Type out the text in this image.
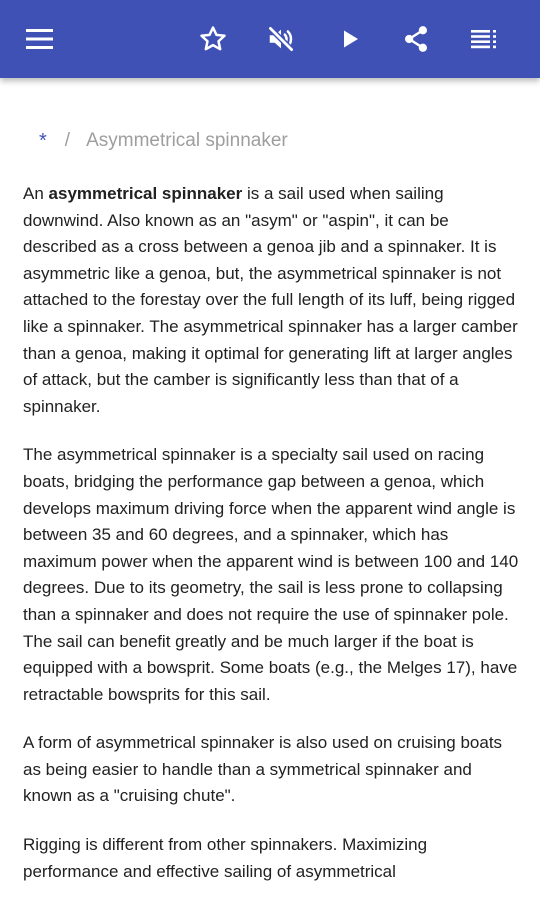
* / Asymmetrical spinnaker

An asymmetrical spinnaker is a sail used when sailing downwind. Also known as an "asym" or "aspin", it can be described as a cross between a genoa jib and a spinnaker. It is asymmetric like a genoa, but, the asymmetrical spinnaker is not attached to the forestay over the full length of its luff, being rigged like a spinnaker. The asymmetrical spinnaker has a larger camber than a genoa, making it optimal for generating lift at larger angles of attack, but the camber is significantly less than that of a spinnaker.

The asymmetrical spinnaker is a specialty sail used on racing boats, bridging the performance gap between a genoa, which develops maximum driving force when the apparent wind angle is between 35 and 60 degrees, and a spinnaker, which has maximum power when the apparent wind is between 100 and 140 degrees. Due to its geometry, the sail is less prone to collapsing than a spinnaker and does not require the use of spinnaker pole. The sail can benefit greatly and be much larger if the boat is equipped with a bowsprit. Some boats (e.g., the Melges 17), have retractable bowsprits for this sail.

A form of asymmetrical spinnaker is also used on cruising boats as being easier to handle than a symmetrical spinnaker and known as a "cruising chute".

Rigging is different from other spinnakers. Maximizing performance and effective sailing of asymmetrical
